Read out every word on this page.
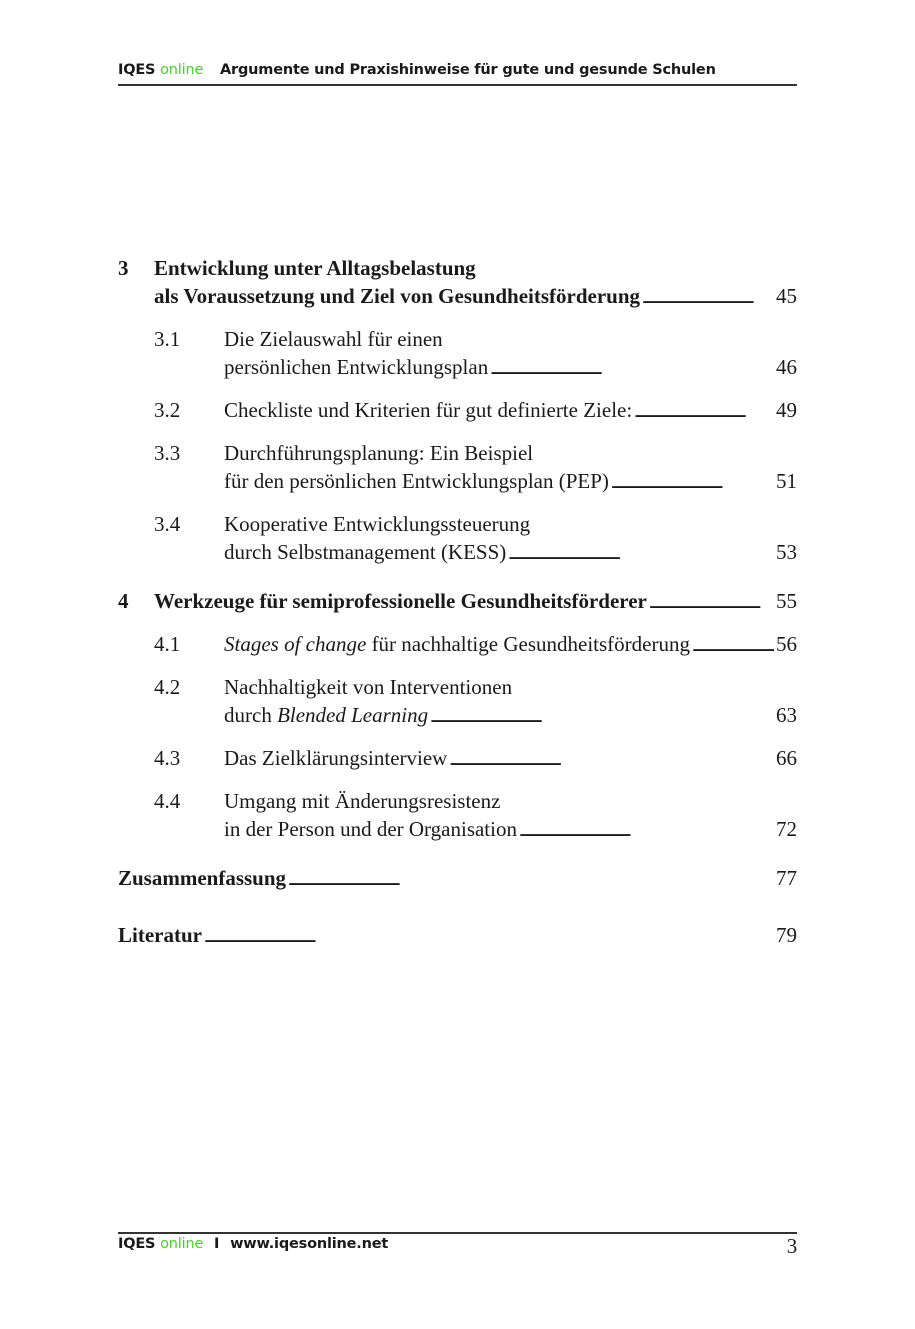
IQES online Argumente und Praxishinweise für gute und gesunde Schulen
3 Entwicklung unter Alltagsbelastung
als Voraussetzung und Ziel von Gesundheitsförderung . . .	45
3.1 Die Zielauswahl für einen
persönlichen Entwicklungsplan . . .	46
3.2 Checkliste und Kriterien für gut definierte Ziele: . . .	49
3.3 Durchführungsplanung: Ein Beispiel
für den persönlichen Entwicklungsplan (PEP) . . .	51
3.4 Kooperative Entwicklungssteuerung
durch Selbstmanagement (KESS) . . .	53
4 Werkzeuge für semiprofessionelle Gesundheitsförderer . . .	55
4.1 Stages of change für nachhaltige Gesundheitsförderung . . .	56
4.2 Nachhaltigkeit von Interventionen
durch Blended Learning . . .	63
4.3 Das Zielklärungsinterview . . .	66
4.4 Umgang mit Änderungsresistenz
in der Person und der Organisation . . .	72
Zusammenfassung . . .	77
Literatur . . .	79
IQES online I www.iqesonline.net	3
